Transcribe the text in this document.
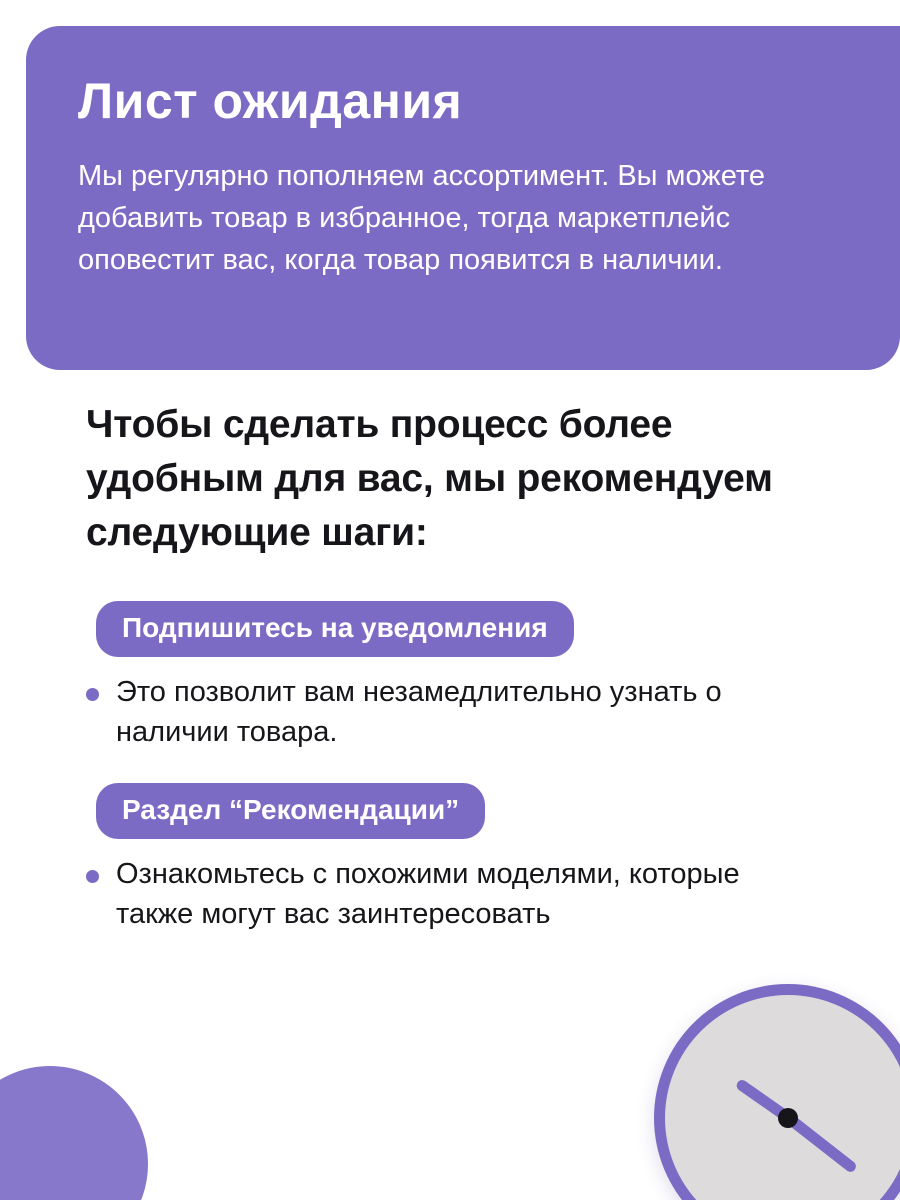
Лист ожидания
Мы регулярно пополняем ассортимент. Вы можете добавить товар в избранное, тогда маркетплейс оповестит вас, когда товар появится в наличии.
Чтобы сделать процесс более удобным для вас, мы рекомендуем следующие шаги:
Подпишитесь на уведомления
Это позволит вам незамедлительно узнать о наличии товара.
Раздел “Рекомендации”
Ознакомьтесь с похожими моделями, которые также могут вас заинтересовать
